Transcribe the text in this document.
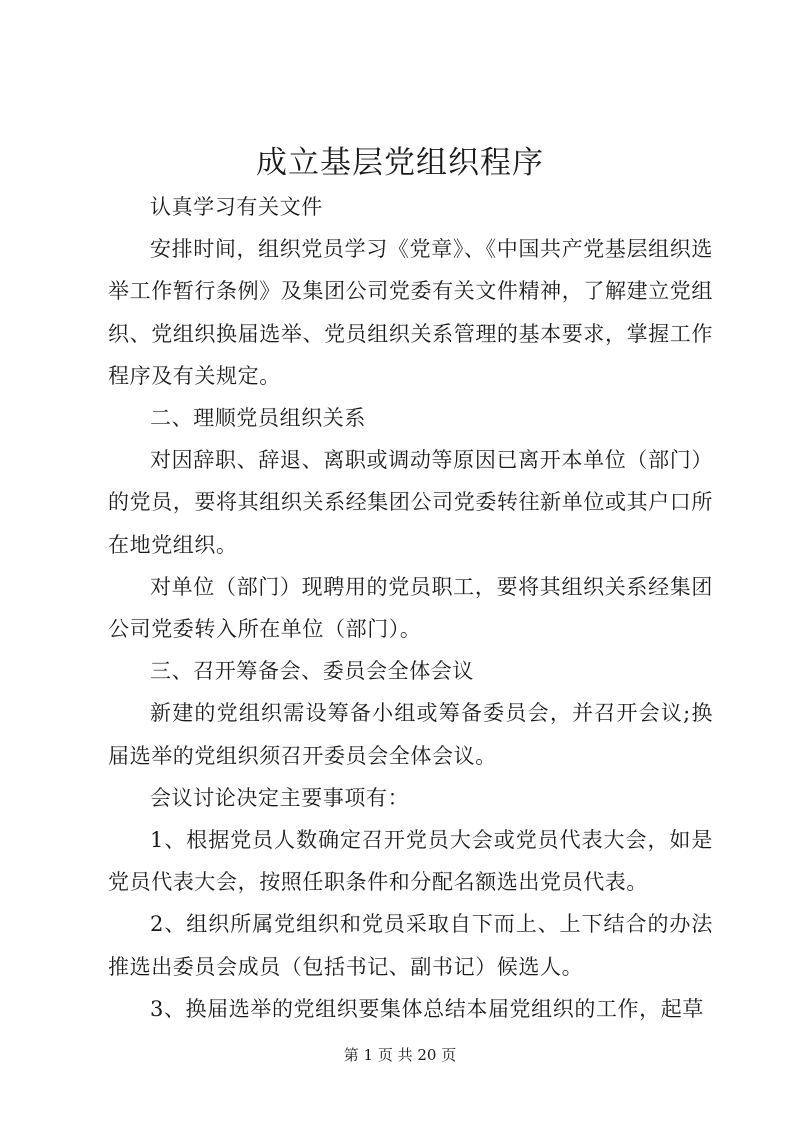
成立基层党组织程序

认真学习有关文件

安排时间，组织党员学习《党章》、《中国共产党基层组织选举工作暂行条例》及集团公司党委有关文件精神，了解建立党组织、党组织换届选举、党员组织关系管理的基本要求，掌握工作程序及有关规定。

二、理顺党员组织关系

对因辞职、辞退、离职或调动等原因已离开本单位（部门）的党员，要将其组织关系经集团公司党委转往新单位或其户口所在地党组织。

对单位（部门）现聘用的党员职工，要将其组织关系经集团公司党委转入所在单位（部门）。

三、召开筹备会、委员会全体会议

新建的党组织需设筹备小组或筹备委员会，并召开会议;换届选举的党组织须召开委员会全体会议。

会议讨论决定主要事项有：

1、根据党员人数确定召开党员大会或党员代表大会，如是党员代表大会，按照任职条件和分配名额选出党员代表。

2、组织所属党组织和党员采取自下而上、上下结合的办法推选出委员会成员（包括书记、副书记）候选人。

3、换届选举的党组织要集体总结本届党组织的工作，起草

第 1 页 共 20 页
